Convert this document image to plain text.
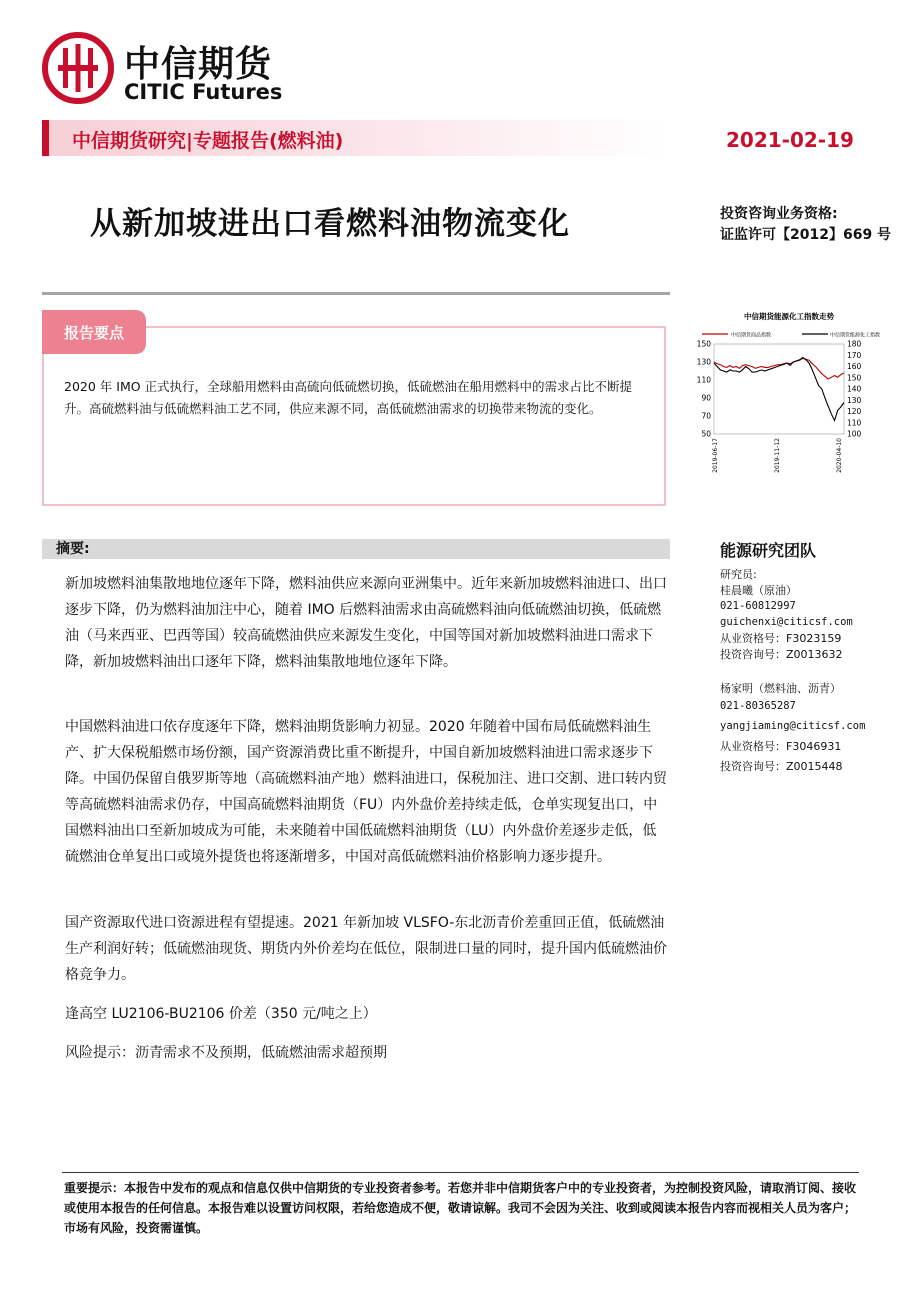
中信期货
CITIC Futures
中信期货研究|专题报告(燃料油)	2021-02-19
从新加坡进出口看燃料油物流变化	投资咨询业务资格:
证监许可【2012】669 号
报告要点
2020 年 IMO 正式执行，全球船用燃料由高硫向低硫燃切换，低硫燃油在船用燃料中的需求占比不断提升。高硫燃料油与低硫燃料油工艺不同，供应来源不同，高低硫燃油需求的切换带来物流的变化。
中信期货能源化工指数走势
中信期货商品指数	中信期货能源化工指数
150
130
110
90
70
50
180
170
160
150
140
130
120
110
100
2019-06-17	2019-11-12	2020-04-10
摘要:
新加坡燃料油集散地地位逐年下降，燃料油供应来源向亚洲集中。近年来新加坡燃料油进口、出口逐步下降，仍为燃料油加注中心，随着 IMO 后燃料油需求由高硫燃料油向低硫燃油切换，低硫燃油（马来西亚、巴西等国）较高硫燃油供应来源发生变化，中国等国对新加坡燃料油进口需求下降，新加坡燃料油出口逐年下降，燃料油集散地地位逐年下降。
中国燃料油进口依存度逐年下降，燃料油期货影响力初显。2020 年随着中国布局低硫燃料油生产、扩大保税船燃市场份额，国产资源消费比重不断提升，中国自新加坡燃料油进口需求逐步下降。中国仍保留自俄罗斯等地（高硫燃料油产地）燃料油进口，保税加注、进口交割、进口转内贸等高硫燃料油需求仍存，中国高硫燃料油期货（FU）内外盘价差持续走低，仓单实现复出口，中国燃料油出口至新加坡成为可能，未来随着中国低硫燃料油期货（LU）内外盘价差逐步走低，低硫燃油仓单复出口或境外提货也将逐渐增多，中国对高低硫燃料油价格影响力逐步提升。
国产资源取代进口资源进程有望提速。2021 年新加坡 VLSFO-东北沥青价差重回正值，低硫燃油生产利润好转；低硫燃油现货、期货内外价差均在低位，限制进口量的同时，提升国内低硫燃油价格竞争力。
逢高空 LU2106-BU2106 价差（350 元/吨之上）
风险提示：沥青需求不及预期，低硫燃油需求超预期
能源研究团队
研究员:
桂晨曦（原油）
021-60812997
guichenxi@citicsf.com
从业资格号：F3023159
投资咨询号：Z0013632
杨家明（燃料油、沥青）
021-80365287
yangjiaming@citicsf.com
从业资格号：F3046931
投资咨询号：Z0015448
重要提示：本报告中发布的观点和信息仅供中信期货的专业投资者参考。若您并非中信期货客户中的专业投资者，为控制投资风险，请取消订阅、接收或使用本报告的任何信息。本报告难以设置访问权限，若给您造成不便，敬请谅解。我司不会因为关注、收到或阅读本报告内容而视相关人员为客户；市场有风险，投资需谨慎。
